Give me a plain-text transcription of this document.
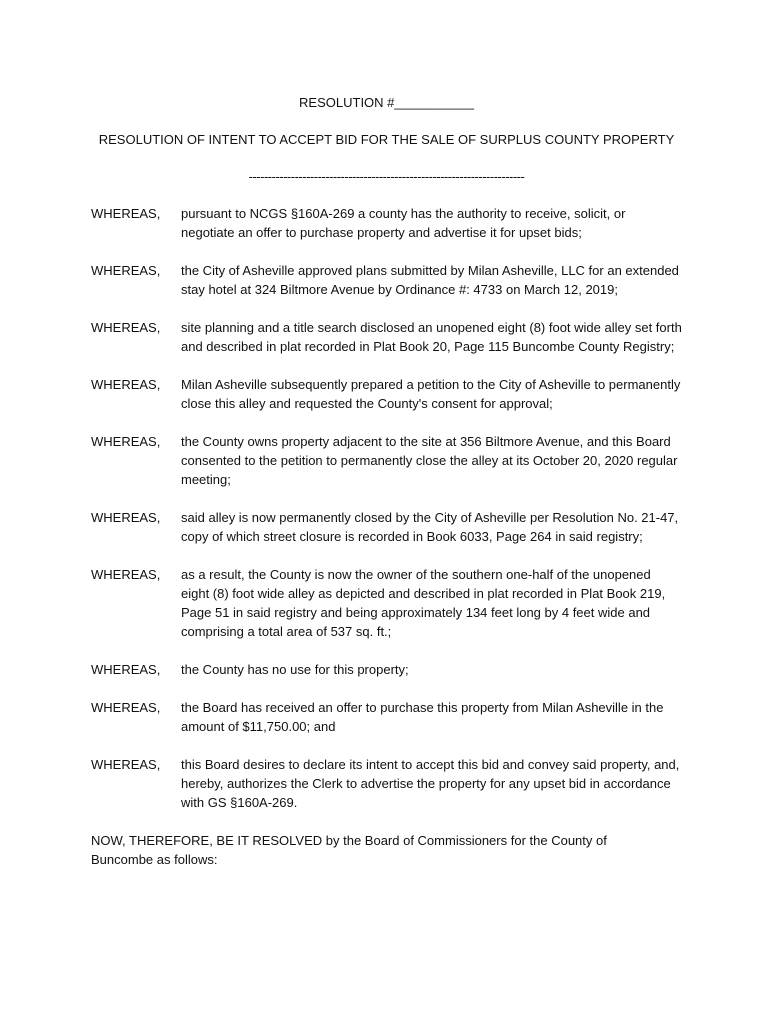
RESOLUTION #___________

RESOLUTION OF INTENT TO ACCEPT BID FOR THE SALE OF SURPLUS COUNTY PROPERTY

------------------------------------------------------------------------

WHEREAS,	pursuant to NCGS §160A-269 a county has the authority to receive, solicit, or negotiate an offer to purchase property and advertise it for upset bids;

WHEREAS,	the City of Asheville approved plans submitted by Milan Asheville, LLC for an extended stay hotel at 324 Biltmore Avenue by Ordinance #: 4733 on March 12, 2019;

WHEREAS,	site planning and a title search disclosed an unopened eight (8) foot wide alley set forth and described in plat recorded in Plat Book 20, Page 115 Buncombe County Registry;

WHEREAS,	Milan Asheville subsequently prepared a petition to the City of Asheville to permanently close this alley and requested the County's consent for approval;

WHEREAS,	the County owns property adjacent to the site at 356 Biltmore Avenue, and this Board consented to the petition to permanently close the alley at its October 20, 2020 regular meeting;

WHEREAS,	said alley is now permanently closed by the City of Asheville per Resolution No. 21-47, copy of which street closure is recorded in Book 6033, Page 264 in said registry;

WHEREAS,	as a result, the County is now the owner of the southern one-half of the unopened eight (8) foot wide alley as depicted and described in plat recorded in Plat Book 219, Page 51 in said registry and being approximately 134 feet long by 4 feet wide and comprising a total area of 537 sq. ft.;

WHEREAS,	the County has no use for this property;

WHEREAS,	the Board has received an offer to purchase this property from Milan Asheville in the amount of $11,750.00; and

WHEREAS,	this Board desires to declare its intent to accept this bid and convey said property, and, hereby, authorizes the Clerk to advertise the property for any upset bid in accordance with GS §160A-269.

NOW, THEREFORE, BE IT RESOLVED by the Board of Commissioners for the County of Buncombe as follows:
